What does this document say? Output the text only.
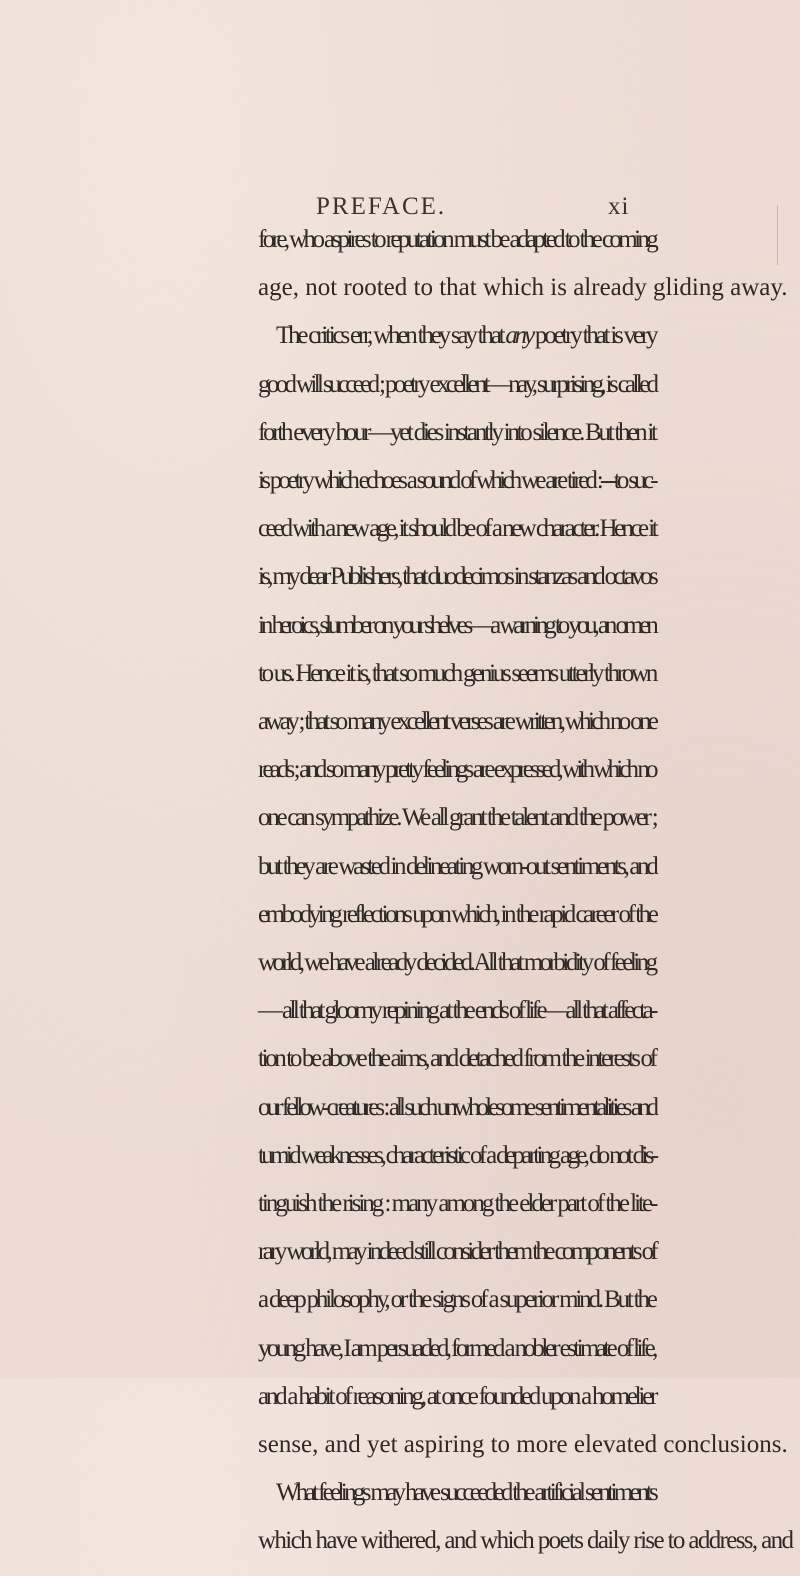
PREFACE.	xi
fore, who aspires to reputation must be adapted to the coming
age, not rooted to that which is already gliding away.
The critics err, when they say that any poetry that is very
good will succeed ; poetry excellent—nay, surprising, is called
forth every hour—yet dies instantly into silence. But then it
is poetry which echoes a sound of which we are tired :---to suc-
ceed with a new age, it should be of a new character. Hence it
is, my dear Publishers, that duodecimos in stanzas and octavos
in heroics, slumber on your shelves—a warning to you, an omen
to us. Hence it is, that so much genius seems utterly thrown
away ; that so many excellent verses are written, which no one
reads ; and so many pretty feelings are expressed, with which no
one can sympathize. We all grant the talent and the power ;
but they are wasted in delineating worn-out sentiments, and
embodying reflections upon which, in the rapid career of the
world, we have already decided. All that morbidity of feeling
— all that gloomy repining at the ends of life—all that affecta-
tion to be above the aims, and detached from the interests of
our fellow-creatures : all such unwholesome sentimentalities and
tumid weaknesses, characteristic of a departing age, do not dis-
tinguish the rising : many among the elder part of the lite-
rary world, may indeed still consider them the components of
a deep philosophy, or the signs of a superior mind. But the
young have, I am persuaded, formed a nobler estimate of life,
and a habit of reasoning, at once founded upon a homelier
sense, and yet aspiring to more elevated conclusions.
What feelings may have succeeded the artificial sentiments
which have withered, and which poets daily rise to address, and
